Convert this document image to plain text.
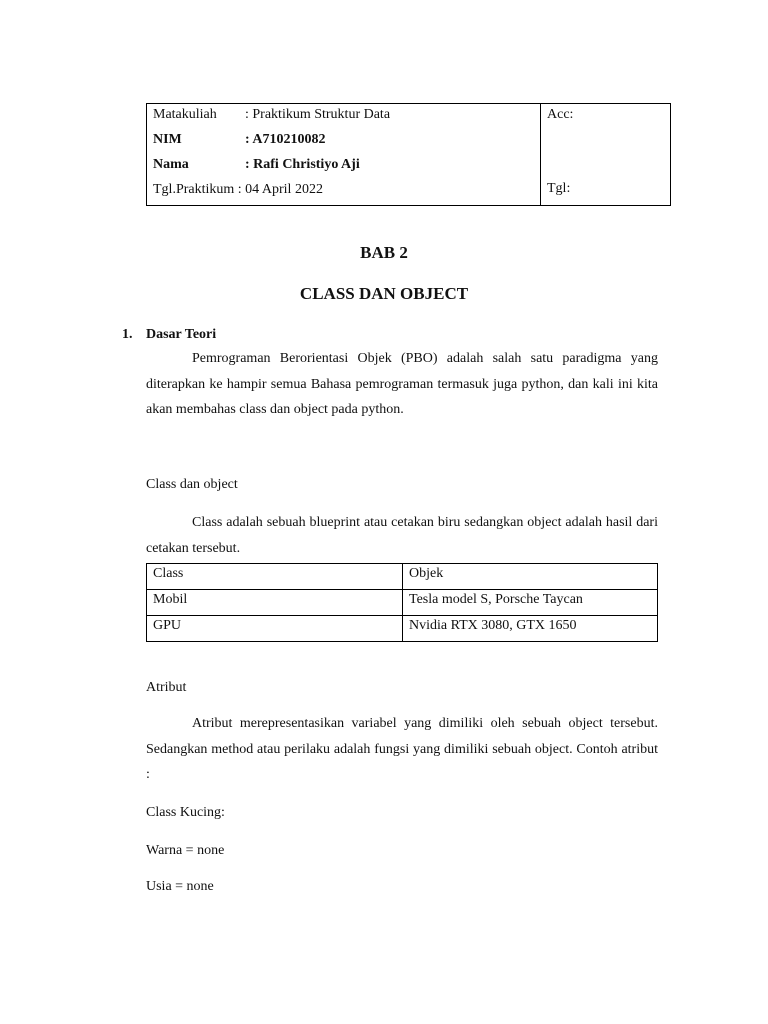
Matakuliah	: Praktikum Struktur Data
NIM	: A710210082
Nama	: Rafi Christiyo Aji
Tgl.Praktikum : 04 April 2022

Acc:
Tgl:
BAB 2
CLASS DAN OBJECT
1. Dasar Teori
Pemrograman Berorientasi Objek (PBO) adalah salah satu paradigma yang diterapkan ke hampir semua Bahasa pemrograman termasuk juga python, dan kali ini kita akan membahas class dan object pada python.
Class dan object
Class adalah sebuah blueprint atau cetakan biru sedangkan object adalah hasil dari cetakan tersebut.
Class	Objek
Mobil	Tesla model S, Porsche Taycan
GPU	Nvidia RTX 3080, GTX 1650
Atribut
Atribut merepresentasikan variabel yang dimiliki oleh sebuah object tersebut. Sedangkan method atau perilaku adalah fungsi yang dimiliki sebuah object. Contoh atribut :
Class Kucing:
Warna = none
Usia = none
